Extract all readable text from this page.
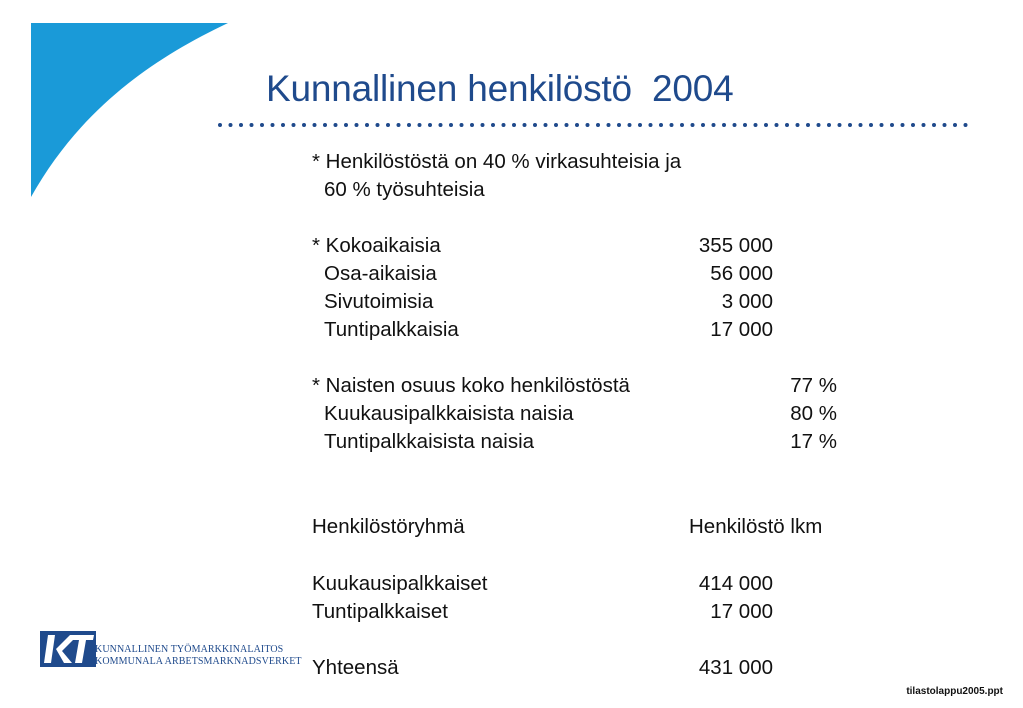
Kunnallinen henkilöstö  2004
* Henkilöstöstä on 40 % virkasuhteisia ja
60 % työsuhteisia
* Kokoaikaisia	355 000
Osa-aikaisia	56 000
Sivutoimisia	3 000
Tuntipalkkaisia	17 000
* Naisten osuus koko henkilöstöstä	77 %
Kuukausipalkkaisista naisia	80 %
Tuntipalkkaisista naisia	17 %
Henkilöstöryhmä	Henkilöstö lkm
Kuukausipalkkaiset	414 000
Tuntipalkkaiset	17 000
Yhteensä	431 000
KUNNALLINEN TYÖMARKKINALAITOS
KOMMUNALA ARBETSMARKNADSVERKET
tilastolappu2005.ppt
